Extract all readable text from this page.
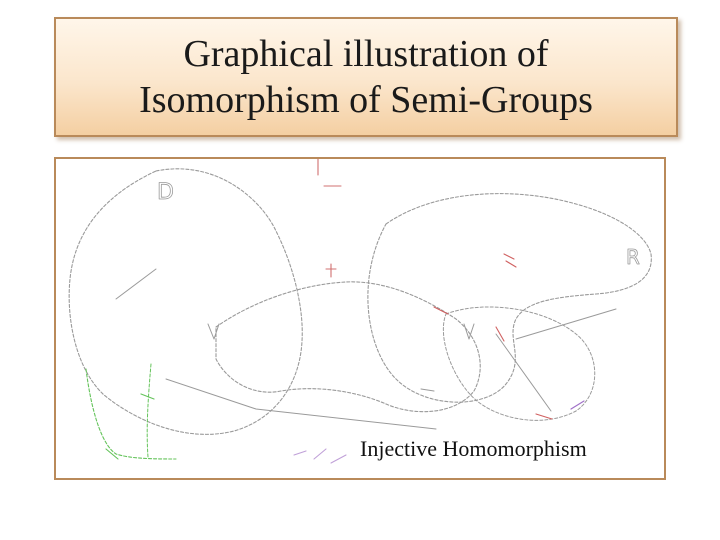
Graphical illustration of
Isomorphism of Semi-Groups
D
R
Injective Homomorphism
